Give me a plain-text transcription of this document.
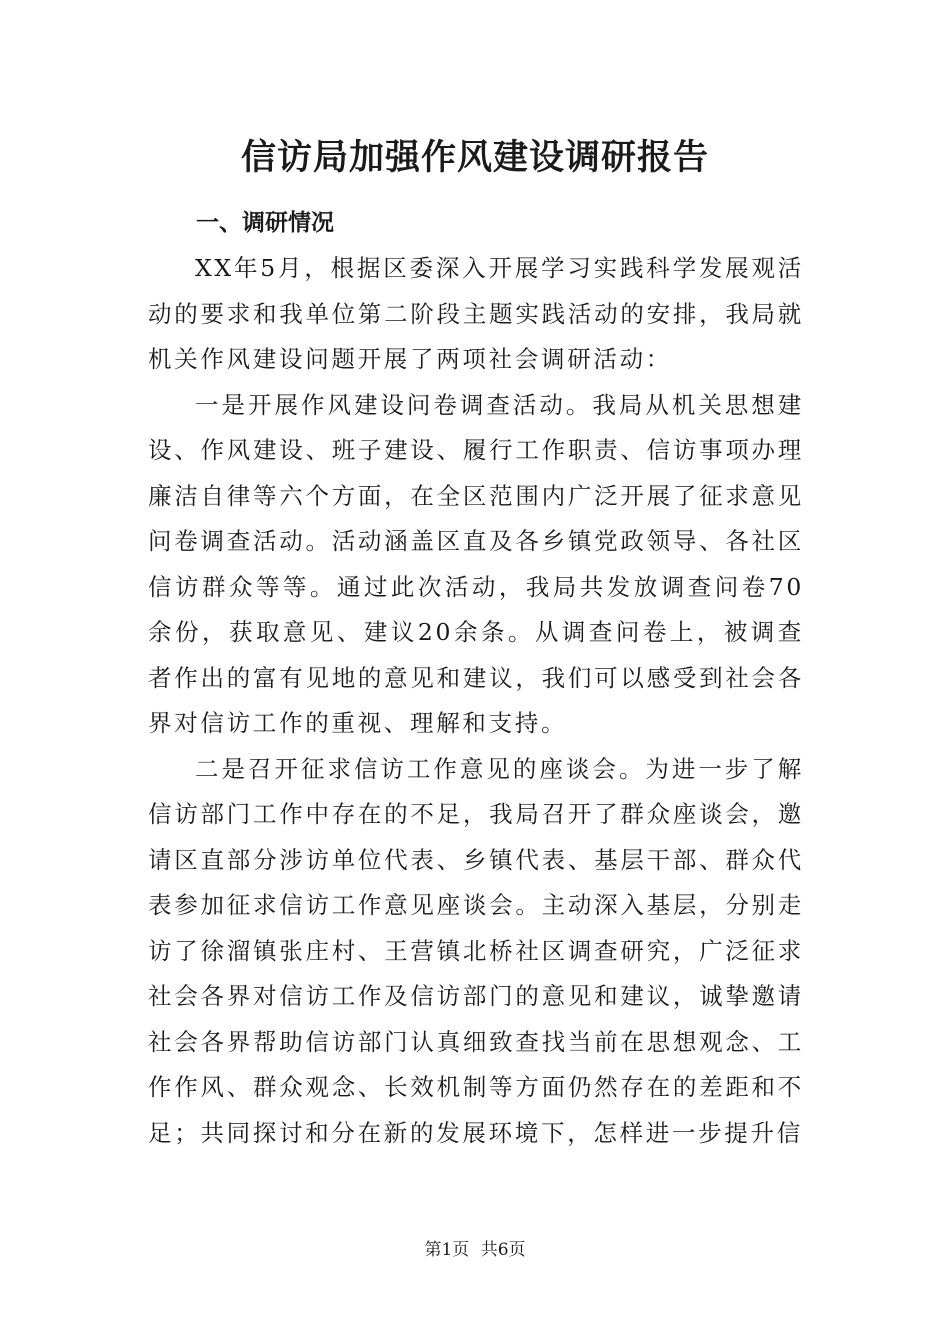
信访局加强作风建设调研报告
一、调研情况

XX年5月，根据区委深入开展学习实践科学发展观活动的要求和我单位第二阶段主题实践活动的安排，我局就机关作风建设问题开展了两项社会调研活动：

一是开展作风建设问卷调查活动。我局从机关思想建设、作风建设、班子建设、履行工作职责、信访事项办理廉洁自律等六个方面，在全区范围内广泛开展了征求意见问卷调查活动。活动涵盖区直及各乡镇党政领导、各社区信访群众等等。通过此次活动，我局共发放调查问卷70余份，获取意见、建议20余条。从调查问卷上，被调查者作出的富有见地的意见和建议，我们可以感受到社会各界对信访工作的重视、理解和支持。

二是召开征求信访工作意见的座谈会。为进一步了解信访部门工作中存在的不足，我局召开了群众座谈会，邀请区直部分涉访单位代表、乡镇代表、基层干部、群众代表参加征求信访工作意见座谈会。主动深入基层，分别走访了徐溜镇张庄村、王营镇北桥社区调查研究，广泛征求社会各界对信访工作及信访部门的意见和建议，诚挚邀请社会各界帮助信访部门认真细致查找当前在思想观念、工作作风、群众观念、长效机制等方面仍然存在的差距和不足；共同探讨和分在新的发展环境下，怎样进一步提升信

第1页 共6页
